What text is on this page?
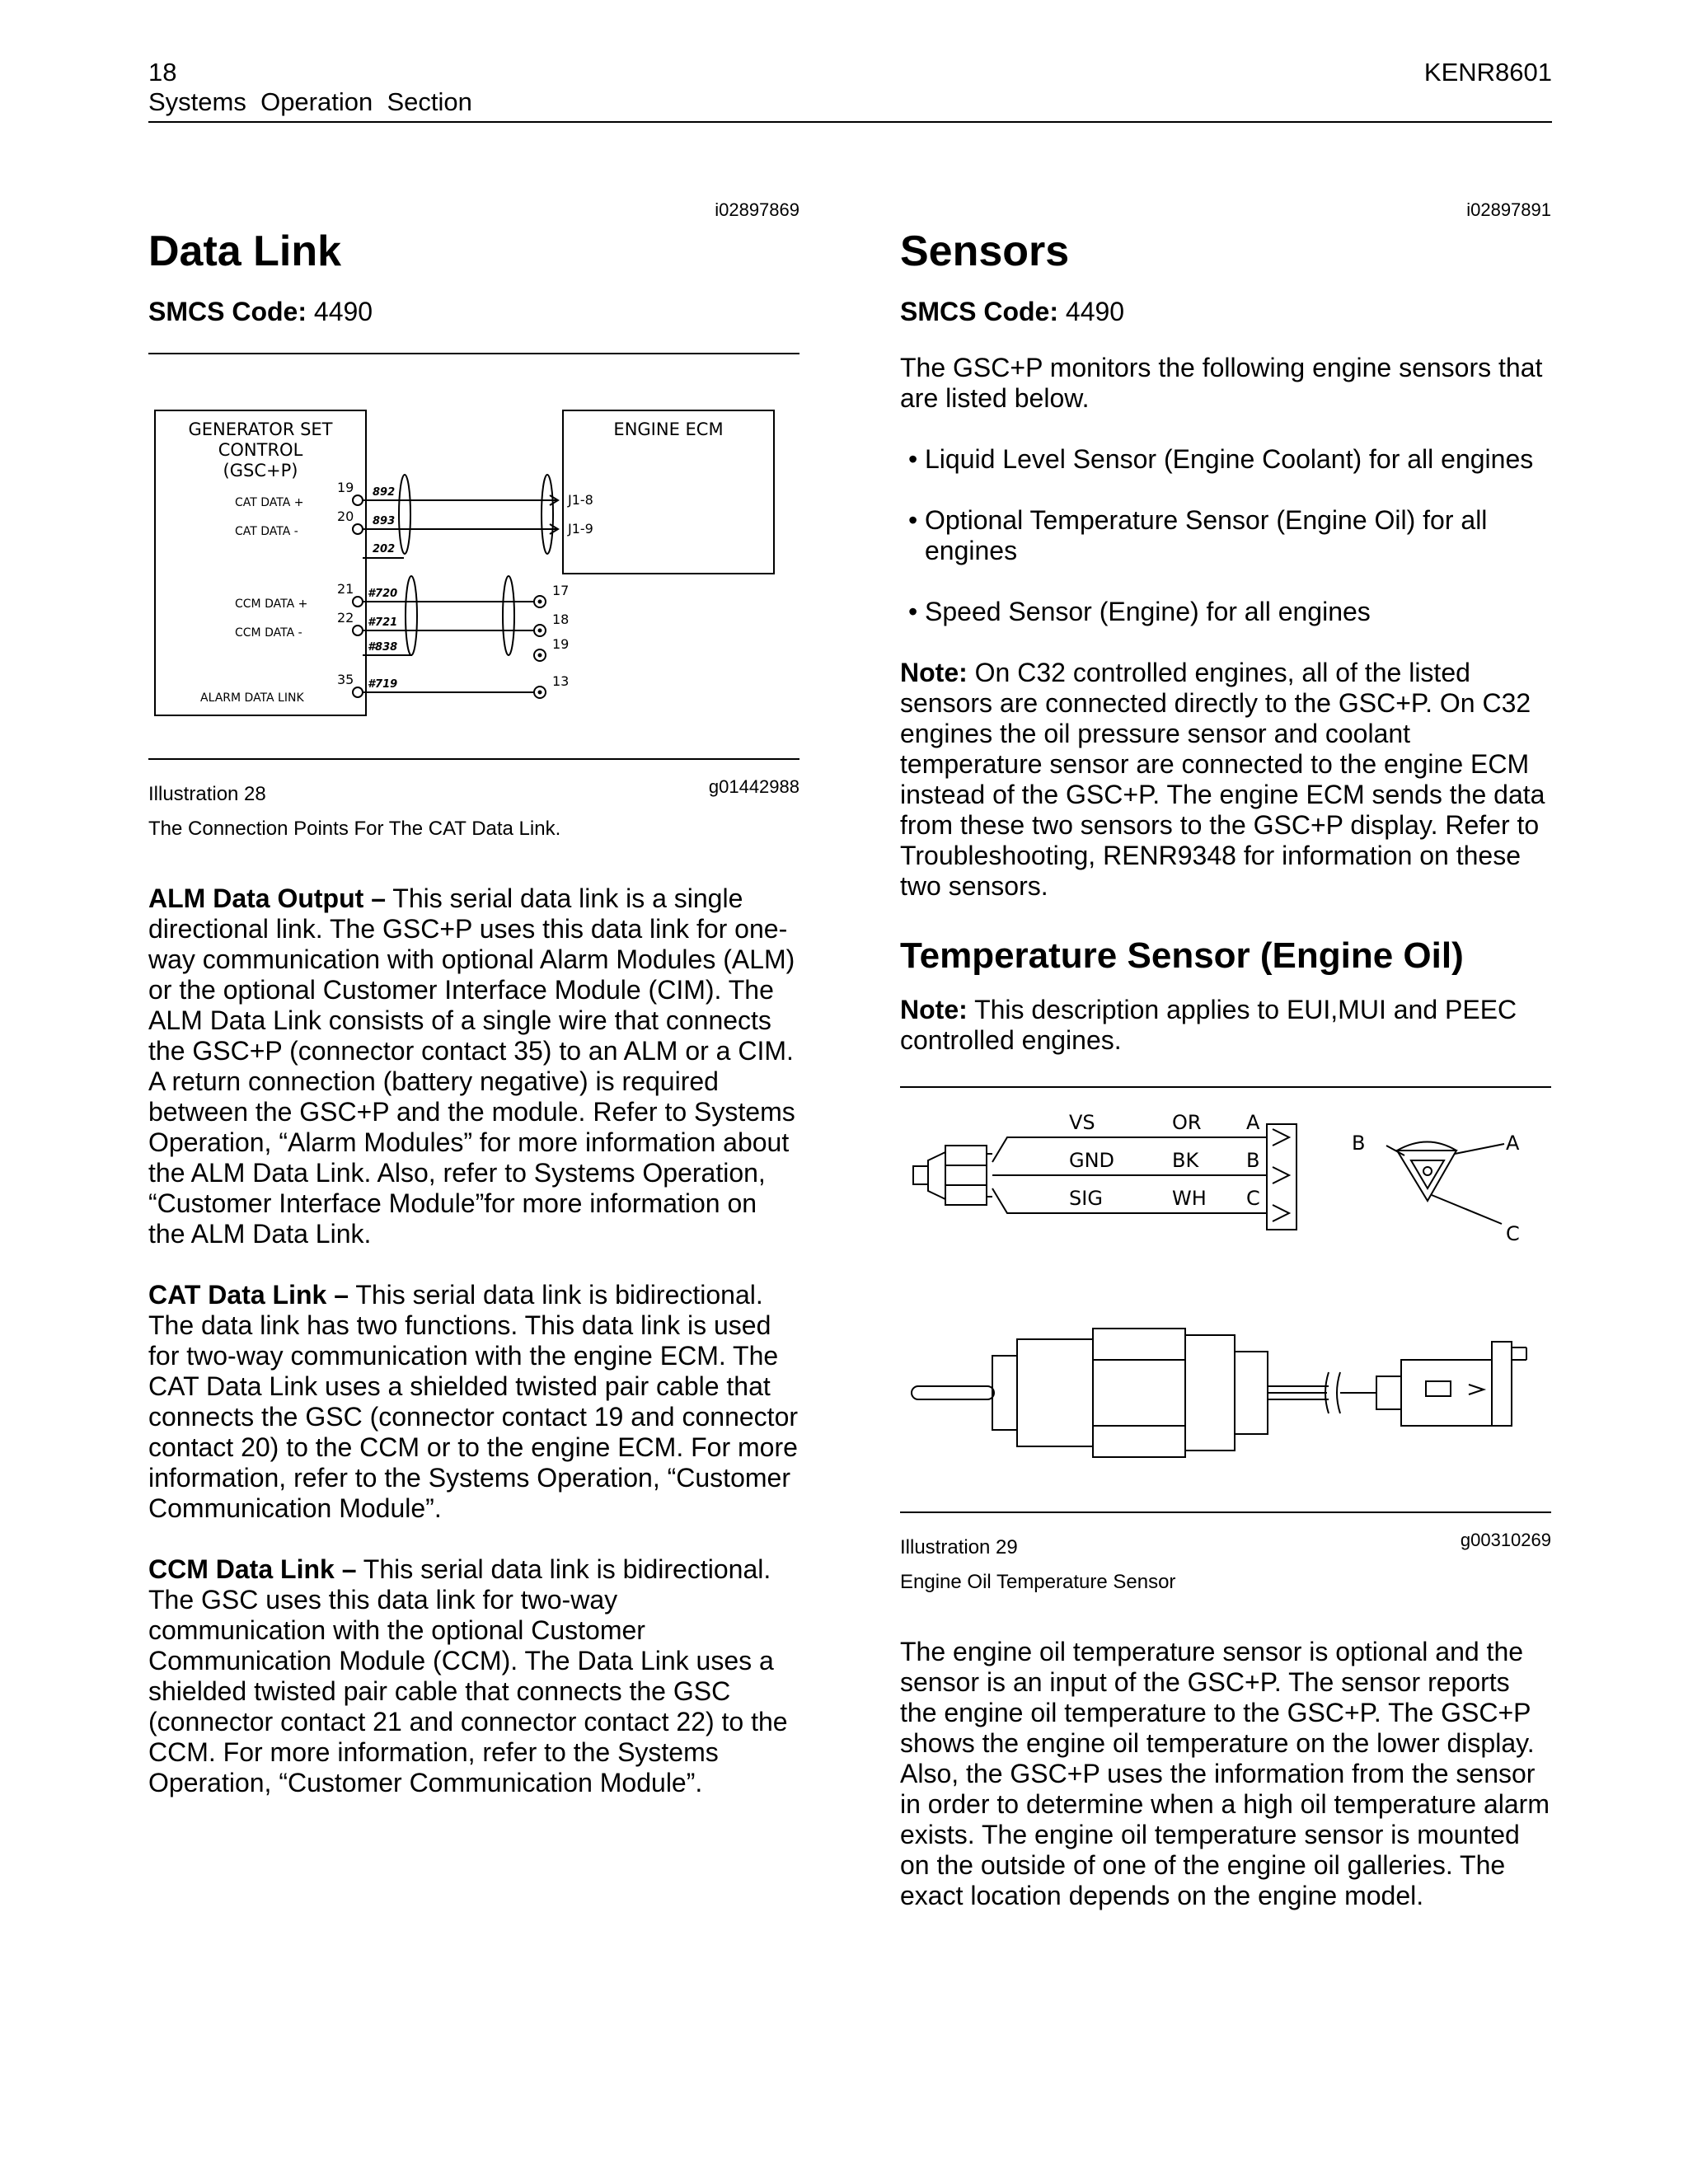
18
Systems  Operation  Section
KENR8601
i02897869
Data Link
SMCS Code: 4490
GENERATOR SET
CONTROL
(GSC+P)
ENGINE ECM
CAT DATA +
CAT DATA -
CCM DATA +
CCM DATA -
ALARM DATA LINK
19
20
21
22
35
892
893
202
#720
#721
#838
#719
J1-8
J1-9
17
18
19
13
Illustration 28	g01442988
The Connection Points For The CAT Data Link.

ALM Data Output – This serial data link is a single directional link. The GSC+P uses this data link for one-way communication with optional Alarm Modules (ALM) or the optional Customer Interface Module (CIM). The ALM Data Link consists of a single wire that connects the GSC+P (connector contact 35) to an ALM or a CIM. A return connection (battery negative) is required between the GSC+P and the module. Refer to Systems Operation, “Alarm Modules” for more information about the ALM Data Link. Also, refer to Systems Operation, “Customer Interface Module”for more information on the ALM Data Link.

CAT Data Link – This serial data link is bidirectional. The data link has two functions. This data link is used for two-way communication with the engine ECM. The CAT Data Link uses a shielded twisted pair cable that connects the GSC (connector contact 19 and connector contact 20) to the CCM or to the engine ECM. For more information, refer to the Systems Operation, “Customer Communication Module”.

CCM Data Link – This serial data link is bidirectional. The GSC uses this data link for two-way communication with the optional Customer Communication Module (CCM). The Data Link uses a shielded twisted pair cable that connects the GSC (connector contact 21 and connector contact 22) to the CCM. For more information, refer to the Systems Operation, “Customer Communication Module”.

i02897891
Sensors
SMCS Code: 4490

The GSC+P monitors the following engine sensors that are listed below.

• Liquid Level Sensor (Engine Coolant) for all engines
• Optional Temperature Sensor (Engine Oil) for all engines
• Speed Sensor (Engine) for all engines

Note: On C32 controlled engines, all of the listed sensors are connected directly to the GSC+P. On C32 engines the oil pressure sensor and coolant temperature sensor are connected to the engine ECM instead of the GSC+P. The engine ECM sends the data from these two sensors to the GSC+P display. Refer to Troubleshooting, RENR9348 for information on these two sensors.

Temperature Sensor (Engine Oil)

Note: This description applies to EUI,MUI and PEEC controlled engines.

VS
GND
SIG
OR
BK
WH
A
B
C
B	A
C
Illustration 29	g00310269
Engine Oil Temperature Sensor

The engine oil temperature sensor is optional and the sensor is an input of the GSC+P. The sensor reports the engine oil temperature to the GSC+P. The GSC+P shows the engine oil temperature on the lower display. Also, the GSC+P uses the information from the sensor in order to determine when a high oil temperature alarm exists. The engine oil temperature sensor is mounted on the outside of one of the engine oil galleries. The exact location depends on the engine model.
